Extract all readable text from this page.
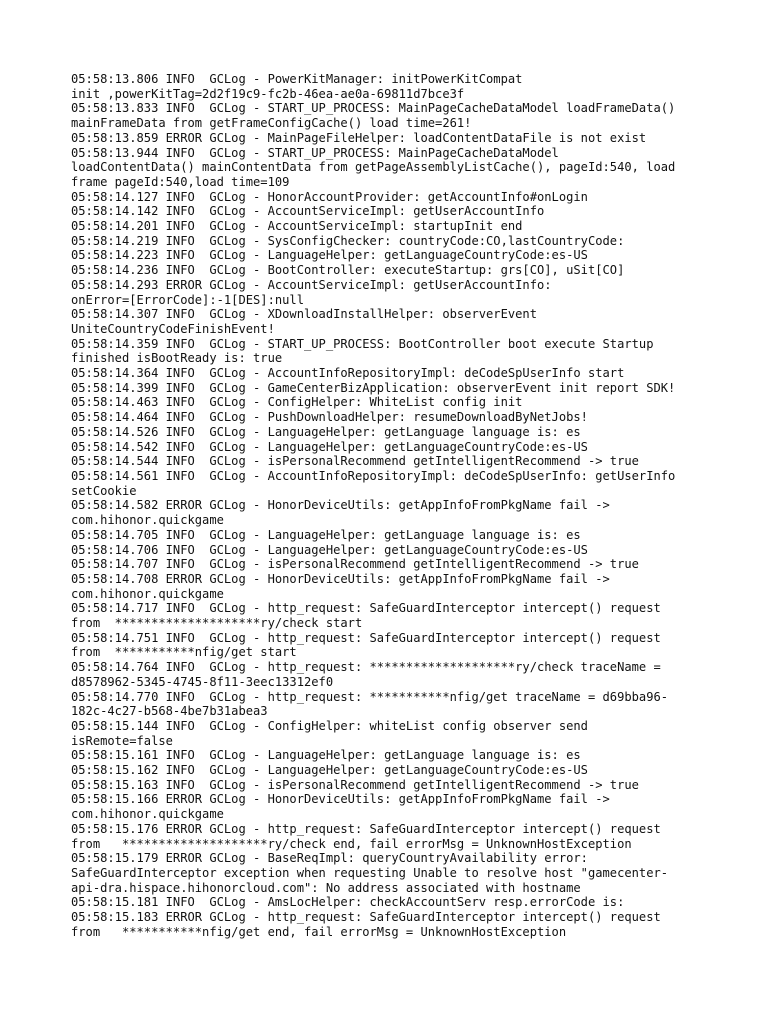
05:58:13.806 INFO  GCLog - PowerKitManager: initPowerKitCompat
init ,powerKitTag=2d2f19c9-fc2b-46ea-ae0a-69811d7bce3f
05:58:13.833 INFO  GCLog - START_UP_PROCESS: MainPageCacheDataModel loadFrameData()
mainFrameData from getFrameConfigCache() load time=261!
05:58:13.859 ERROR GCLog - MainPageFileHelper: loadContentDataFile is not exist
05:58:13.944 INFO  GCLog - START_UP_PROCESS: MainPageCacheDataModel
loadContentData() mainContentData from getPageAssemblyListCache(), pageId:540, load
frame pageId:540,load time=109
05:58:14.127 INFO  GCLog - HonorAccountProvider: getAccountInfo#onLogin
05:58:14.142 INFO  GCLog - AccountServiceImpl: getUserAccountInfo
05:58:14.201 INFO  GCLog - AccountServiceImpl: startupInit end
05:58:14.219 INFO  GCLog - SysConfigChecker: countryCode:CO,lastCountryCode:
05:58:14.223 INFO  GCLog - LanguageHelper: getLanguageCountryCode:es-US
05:58:14.236 INFO  GCLog - BootController: executeStartup: grs[CO], uSit[CO]
05:58:14.293 ERROR GCLog - AccountServiceImpl: getUserAccountInfo:
onError=[ErrorCode]:-1[DES]:null
05:58:14.307 INFO  GCLog - XDownloadInstallHelper: observerEvent
UniteCountryCodeFinishEvent!
05:58:14.359 INFO  GCLog - START_UP_PROCESS: BootController boot execute Startup
finished isBootReady is: true
05:58:14.364 INFO  GCLog - AccountInfoRepositoryImpl: deCodeSpUserInfo start
05:58:14.399 INFO  GCLog - GameCenterBizApplication: observerEvent init report SDK!
05:58:14.463 INFO  GCLog - ConfigHelper: WhiteList config init
05:58:14.464 INFO  GCLog - PushDownloadHelper: resumeDownloadByNetJobs!
05:58:14.526 INFO  GCLog - LanguageHelper: getLanguage language is: es
05:58:14.542 INFO  GCLog - LanguageHelper: getLanguageCountryCode:es-US
05:58:14.544 INFO  GCLog - isPersonalRecommend getIntelligentRecommend -> true
05:58:14.561 INFO  GCLog - AccountInfoRepositoryImpl: deCodeSpUserInfo: getUserInfo
setCookie
05:58:14.582 ERROR GCLog - HonorDeviceUtils: getAppInfoFromPkgName fail ->
com.hihonor.quickgame
05:58:14.705 INFO  GCLog - LanguageHelper: getLanguage language is: es
05:58:14.706 INFO  GCLog - LanguageHelper: getLanguageCountryCode:es-US
05:58:14.707 INFO  GCLog - isPersonalRecommend getIntelligentRecommend -> true
05:58:14.708 ERROR GCLog - HonorDeviceUtils: getAppInfoFromPkgName fail ->
com.hihonor.quickgame
05:58:14.717 INFO  GCLog - http_request: SafeGuardInterceptor intercept() request
from  ********************ry/check start
05:58:14.751 INFO  GCLog - http_request: SafeGuardInterceptor intercept() request
from  ***********nfig/get start
05:58:14.764 INFO  GCLog - http_request: ********************ry/check traceName =
d8578962-5345-4745-8f11-3eec13312ef0
05:58:14.770 INFO  GCLog - http_request: ***********nfig/get traceName = d69bba96-
182c-4c27-b568-4be7b31abea3
05:58:15.144 INFO  GCLog - ConfigHelper: whiteList config observer send
isRemote=false
05:58:15.161 INFO  GCLog - LanguageHelper: getLanguage language is: es
05:58:15.162 INFO  GCLog - LanguageHelper: getLanguageCountryCode:es-US
05:58:15.163 INFO  GCLog - isPersonalRecommend getIntelligentRecommend -> true
05:58:15.166 ERROR GCLog - HonorDeviceUtils: getAppInfoFromPkgName fail ->
com.hihonor.quickgame
05:58:15.176 ERROR GCLog - http_request: SafeGuardInterceptor intercept() request
from   ********************ry/check end, fail errorMsg = UnknownHostException
05:58:15.179 ERROR GCLog - BaseReqImpl: queryCountryAvailability error:
SafeGuardInterceptor exception when requesting Unable to resolve host "gamecenter-
api-dra.hispace.hihonorcloud.com": No address associated with hostname
05:58:15.181 INFO  GCLog - AmsLocHelper: checkAccountServ resp.errorCode is:
05:58:15.183 ERROR GCLog - http_request: SafeGuardInterceptor intercept() request
from   ***********nfig/get end, fail errorMsg = UnknownHostException
